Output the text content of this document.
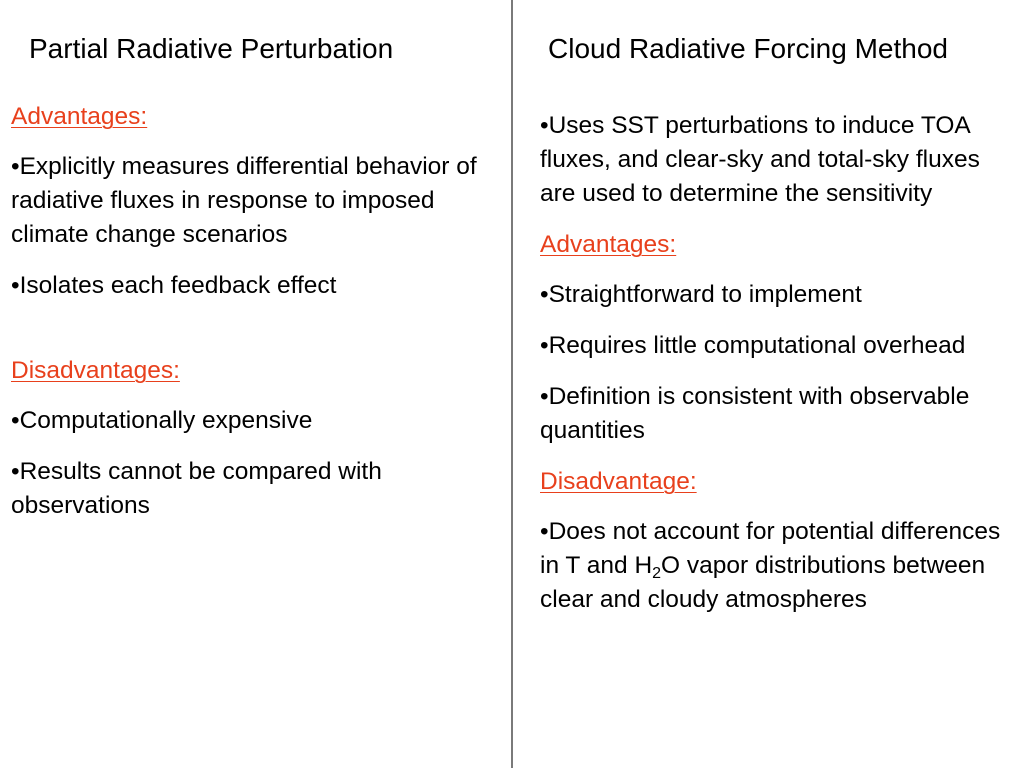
Partial Radiative Perturbation	Cloud Radiative Forcing Method
Advantages:
•Explicitly measures differential behavior of radiative fluxes in response to imposed climate change scenarios
•Isolates each feedback effect
Disadvantages:
•Computationally expensive
•Results cannot be compared with observations
•Uses SST perturbations to induce TOA fluxes, and clear-sky and total-sky fluxes are used to determine the sensitivity
Advantages:
•Straightforward to implement
•Requires little computational overhead
•Definition is consistent with observable quantities
Disadvantage:
•Does not account for potential differences in T and $H_2O$ vapor distributions between clear and cloudy atmospheres
